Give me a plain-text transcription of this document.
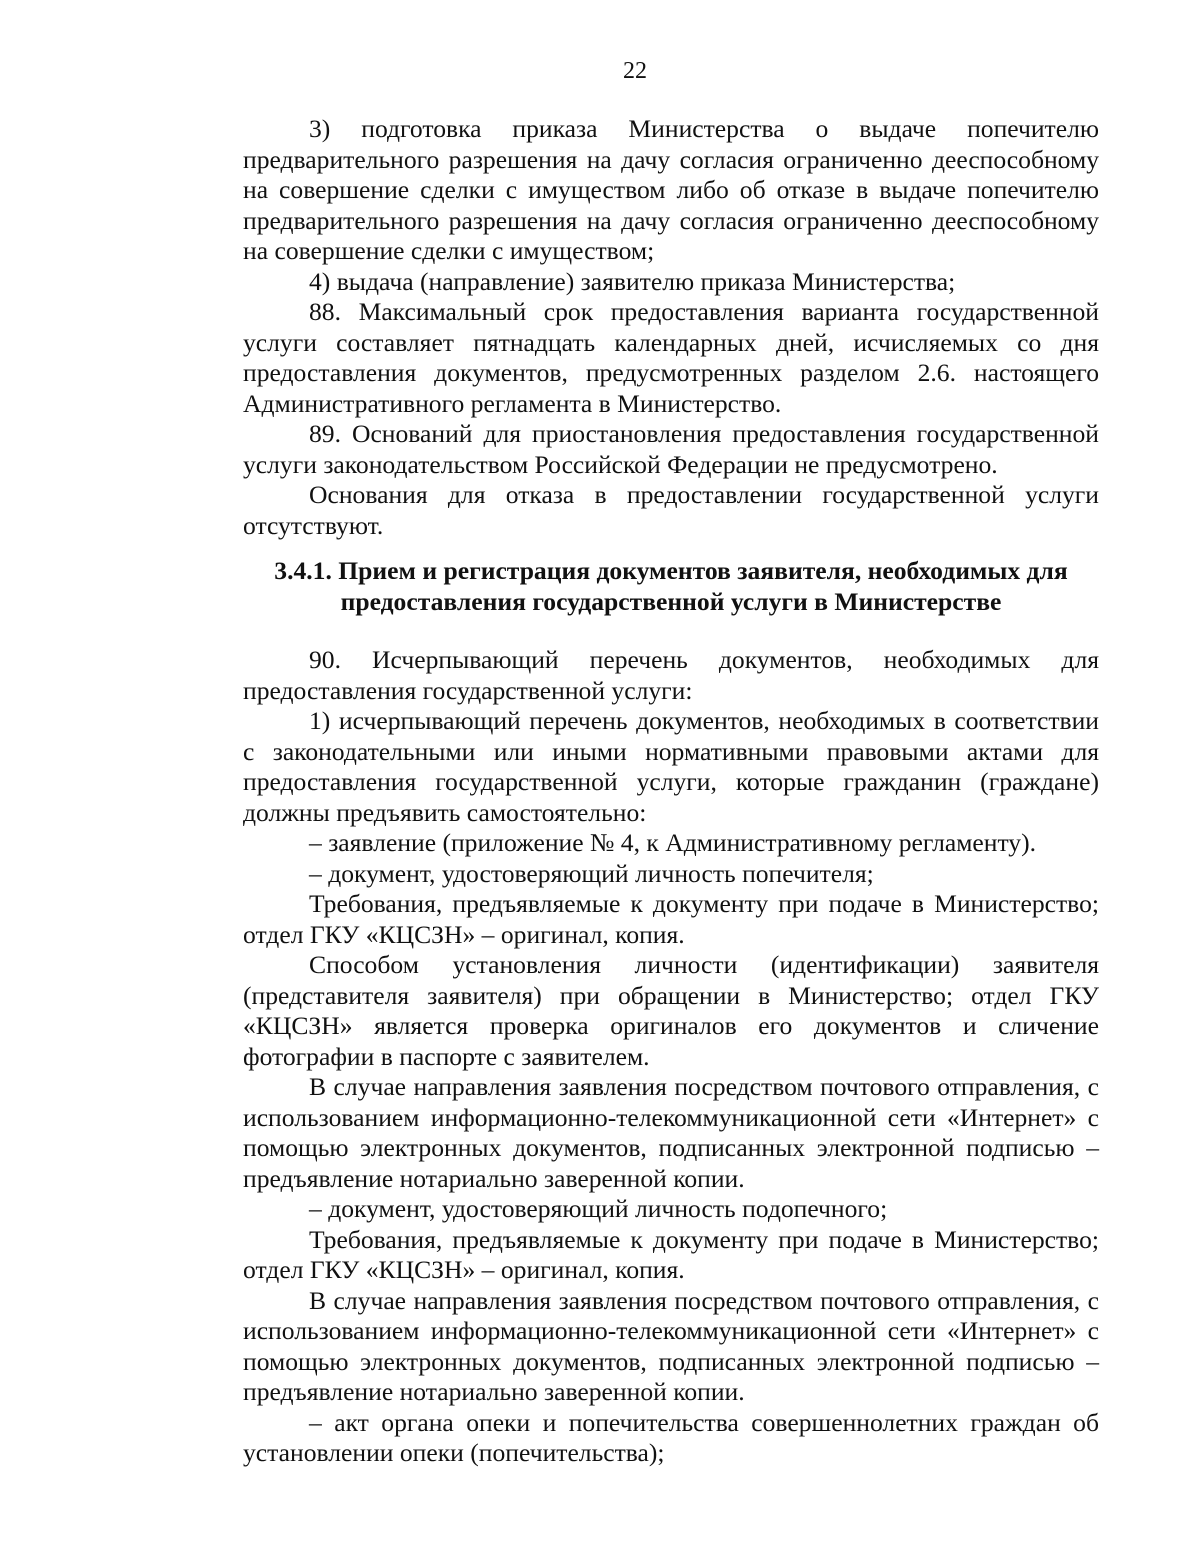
22

3) подготовка приказа Министерства о выдаче попечителю предварительного разрешения на дачу согласия ограниченно дееспособному на совершение сделки с имуществом либо об отказе в выдаче попечителю предварительного разрешения на дачу согласия ограниченно дееспособному на совершение сделки с имуществом;

4) выдача (направление) заявителю приказа Министерства;

88. Максимальный срок предоставления варианта государственной услуги составляет пятнадцать календарных дней, исчисляемых со дня предоставления документов, предусмотренных разделом 2.6. настоящего Административного регламента в Министерство.

89. Оснований для приостановления предоставления государственной услуги законодательством Российской Федерации не предусмотрено.

Основания для отказа в предоставлении государственной услуги отсутствуют.

3.4.1. Прием и регистрация документов заявителя, необходимых для
предоставления государственной услуги в Министерстве

90. Исчерпывающий перечень документов, необходимых для предоставления государственной услуги:

1) исчерпывающий перечень документов, необходимых в соответствии с законодательными или иными нормативными правовыми актами для предоставления государственной услуги, которые гражданин (граждане) должны предъявить самостоятельно:

– заявление (приложение № 4, к Административному регламенту).

– документ, удостоверяющий личность попечителя;

Требования, предъявляемые к документу при подаче в Министерство; отдел ГКУ «КЦСЗН» – оригинал, копия.

Способом установления личности (идентификации) заявителя (представителя заявителя) при обращении в Министерство; отдел ГКУ «КЦСЗН» является проверка оригиналов его документов и сличение фотографии в паспорте с заявителем.

В случае направления заявления посредством почтового отправления, с использованием информационно-телекоммуникационной сети «Интернет» с помощью электронных документов, подписанных электронной подписью – предъявление нотариально заверенной копии.

– документ, удостоверяющий личность подопечного;

Требования, предъявляемые к документу при подаче в Министерство; отдел ГКУ «КЦСЗН» – оригинал, копия.

В случае направления заявления посредством почтового отправления, с использованием информационно-телекоммуникационной сети «Интернет» с помощью электронных документов, подписанных электронной подписью – предъявление нотариально заверенной копии.

– акт органа опеки и попечительства совершеннолетних граждан об установлении опеки (попечительства);
